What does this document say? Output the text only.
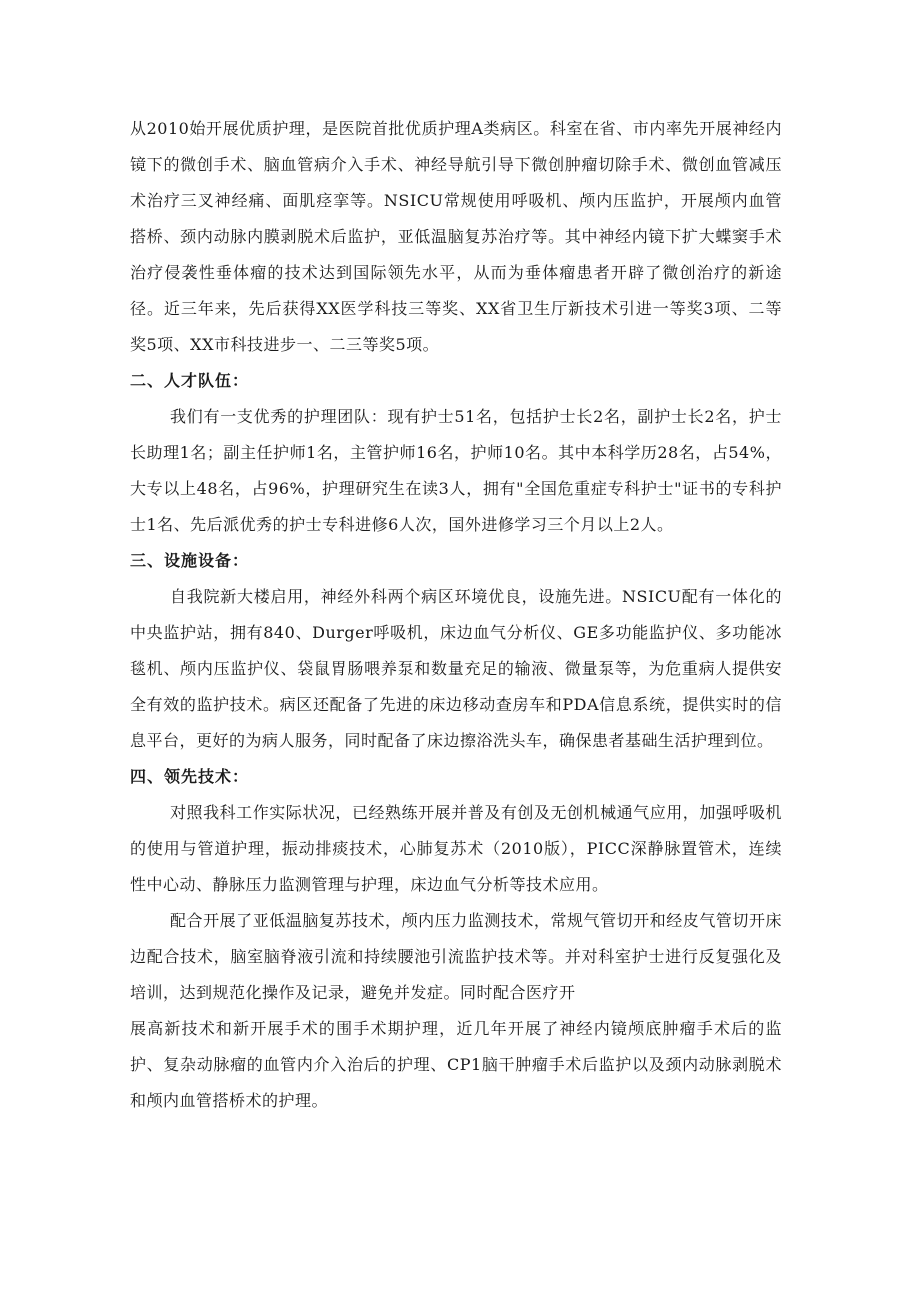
从2010始开展优质护理，是医院首批优质护理A类病区。科室在省、市内率先开展神经内镜下的微创手术、脑血管病介入手术、神经导航引导下微创肿瘤切除手术、微创血管减压术治疗三叉神经痛、面肌痉挛等。NSICU常规使用呼吸机、颅内压监护，开展颅内血管搭桥、颈内动脉内膜剥脱术后监护，亚低温脑复苏治疗等。其中神经内镜下扩大蝶窦手术治疗侵袭性垂体瘤的技术达到国际领先水平，从而为垂体瘤患者开辟了微创治疗的新途径。近三年来，先后获得XX医学科技三等奖、XX省卫生厅新技术引进一等奖3项、二等奖5项、XX市科技进步一、二三等奖5项。

二、人才队伍：

我们有一支优秀的护理团队：现有护士51名，包括护士长2名，副护士长2名，护士长助理1名；副主任护师1名，主管护师16名，护师10名。其中本科学历28名，占54%，大专以上48名，占96%，护理研究生在读3人，拥有"全国危重症专科护士"证书的专科护士1名、先后派优秀的护士专科进修6人次，国外进修学习三个月以上2人。

三、设施设备：

自我院新大楼启用，神经外科两个病区环境优良，设施先进。NSICU配有一体化的中央监护站，拥有840、Durger呼吸机，床边血气分析仪、GE多功能监护仪、多功能冰毯机、颅内压监护仪、袋鼠胃肠喂养泵和数量充足的输液、微量泵等，为危重病人提供安全有效的监护技术。病区还配备了先进的床边移动查房车和PDA信息系统，提供实时的信息平台，更好的为病人服务，同时配备了床边擦浴洗头车，确保患者基础生活护理到位。

四、领先技术：

对照我科工作实际状况，已经熟练开展并普及有创及无创机械通气应用，加强呼吸机的使用与管道护理，振动排痰技术，心肺复苏术（2010版），PICC深静脉置管术，连续性中心动、静脉压力监测管理与护理，床边血气分析等技术应用。

配合开展了亚低温脑复苏技术，颅内压力监测技术，常规气管切开和经皮气管切开床边配合技术，脑室脑脊液引流和持续腰池引流监护技术等。并对科室护士进行反复强化及培训，达到规范化操作及记录，避免并发症。同时配合医疗开

展高新技术和新开展手术的围手术期护理，近几年开展了神经内镜颅底肿瘤手术后的监护、复杂动脉瘤的血管内介入治后的护理、CP1脑干肿瘤手术后监护以及颈内动脉剥脱术和颅内血管搭桥术的护理。
